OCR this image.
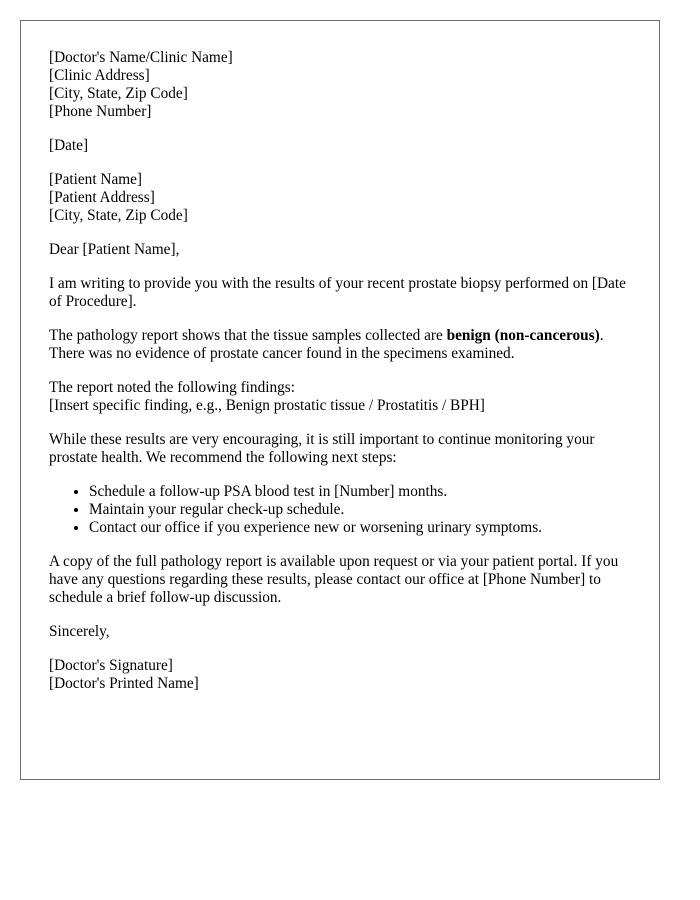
[Doctor's Name/Clinic Name]
[Clinic Address]
[City, State, Zip Code]
[Phone Number]
[Date]
[Patient Name]
[Patient Address]
[City, State, Zip Code]

Dear [Patient Name],

I am writing to provide you with the results of your recent prostate biopsy performed on [Date of Procedure].

The pathology report shows that the tissue samples collected are benign (non-cancerous). There was no evidence of prostate cancer found in the specimens examined.

The report noted the following findings:
[Insert specific finding, e.g., Benign prostatic tissue / Prostatitis / BPH]

While these results are very encouraging, it is still important to continue monitoring your prostate health. We recommend the following next steps:

• Schedule a follow-up PSA blood test in [Number] months.
• Maintain your regular check-up schedule.
• Contact our office if you experience new or worsening urinary symptoms.

A copy of the full pathology report is available upon request or via your patient portal. If you have any questions regarding these results, please contact our office at [Phone Number] to schedule a brief follow-up discussion.

Sincerely,

[Doctor's Signature]
[Doctor's Printed Name]
